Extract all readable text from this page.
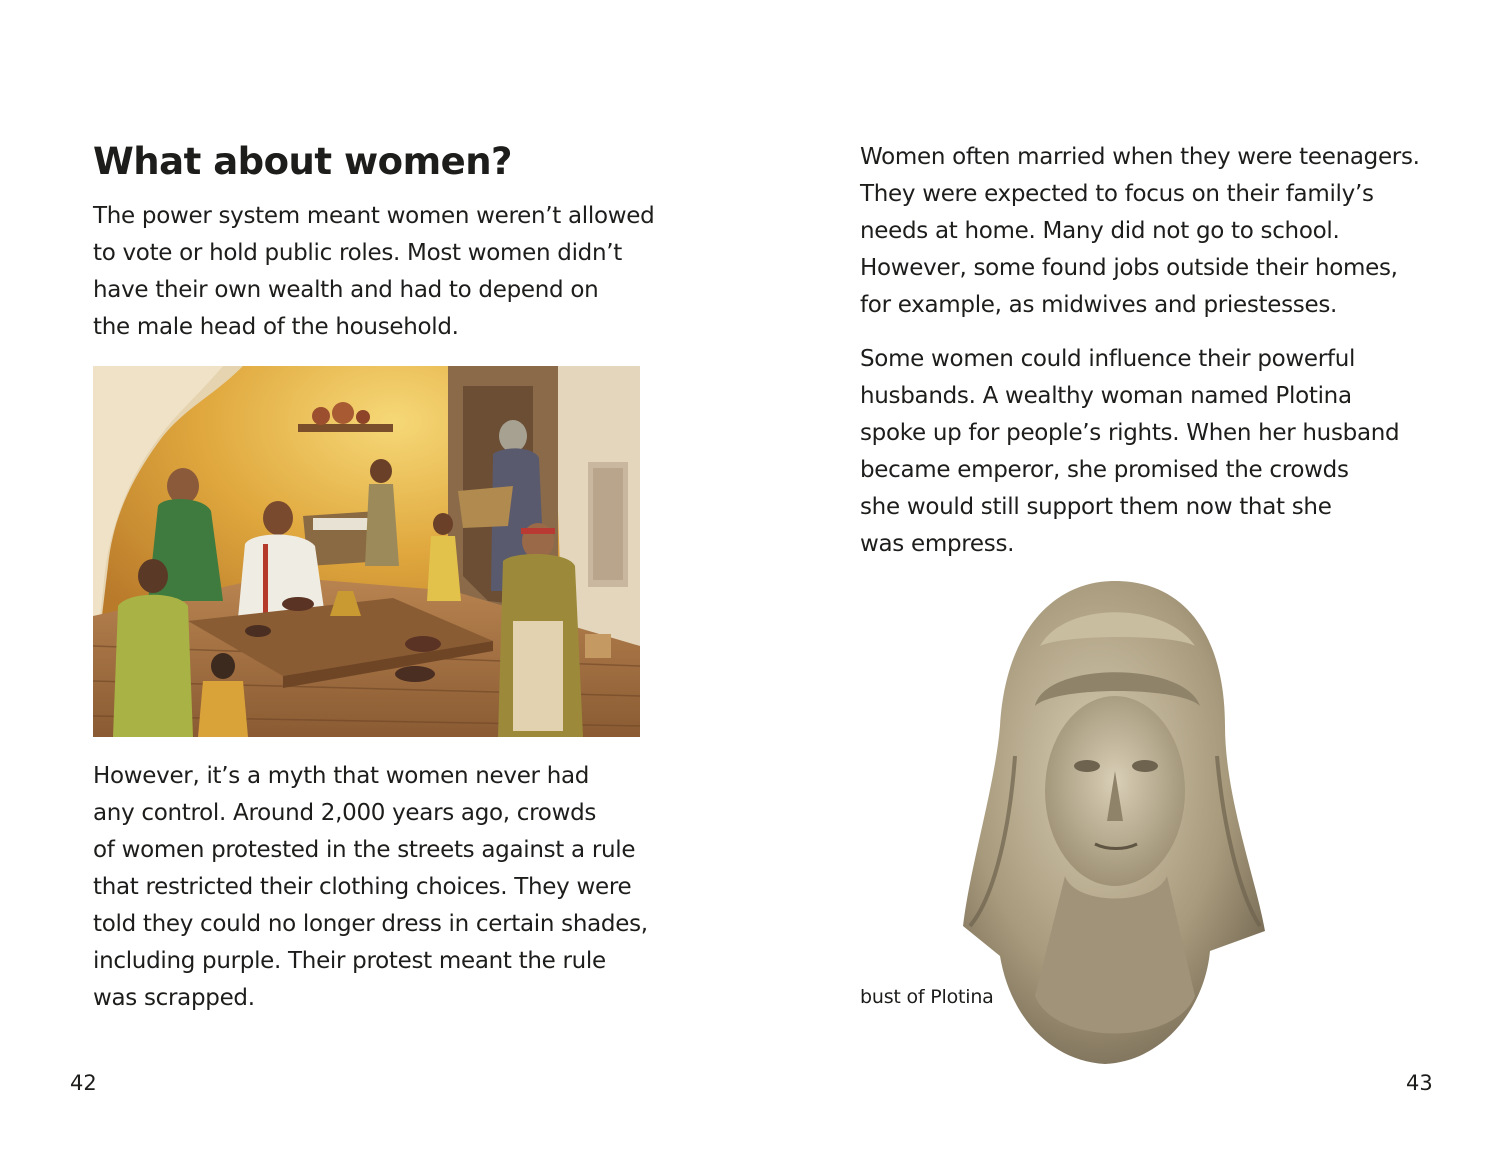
What about women?

The power system meant women weren’t allowed
to vote or hold public roles. Most women didn’t
have their own wealth and had to depend on
the male head of the household.

However, it’s a myth that women never had
any control. Around 2,000 years ago, crowds
of women protested in the streets against a rule
that restricted their clothing choices. They were
told they could no longer dress in certain shades,
including purple. Their protest meant the rule
was scrapped.

Women often married when they were teenagers.
They were expected to focus on their family’s
needs at home. Many did not go to school.
However, some found jobs outside their homes,
for example, as midwives and priestesses.

Some women could influence their powerful
husbands. A wealthy woman named Plotina
spoke up for people’s rights. When her husband
became emperor, she promised the crowds
she would still support them now that she
was empress.

bust of Plotina

42	43
